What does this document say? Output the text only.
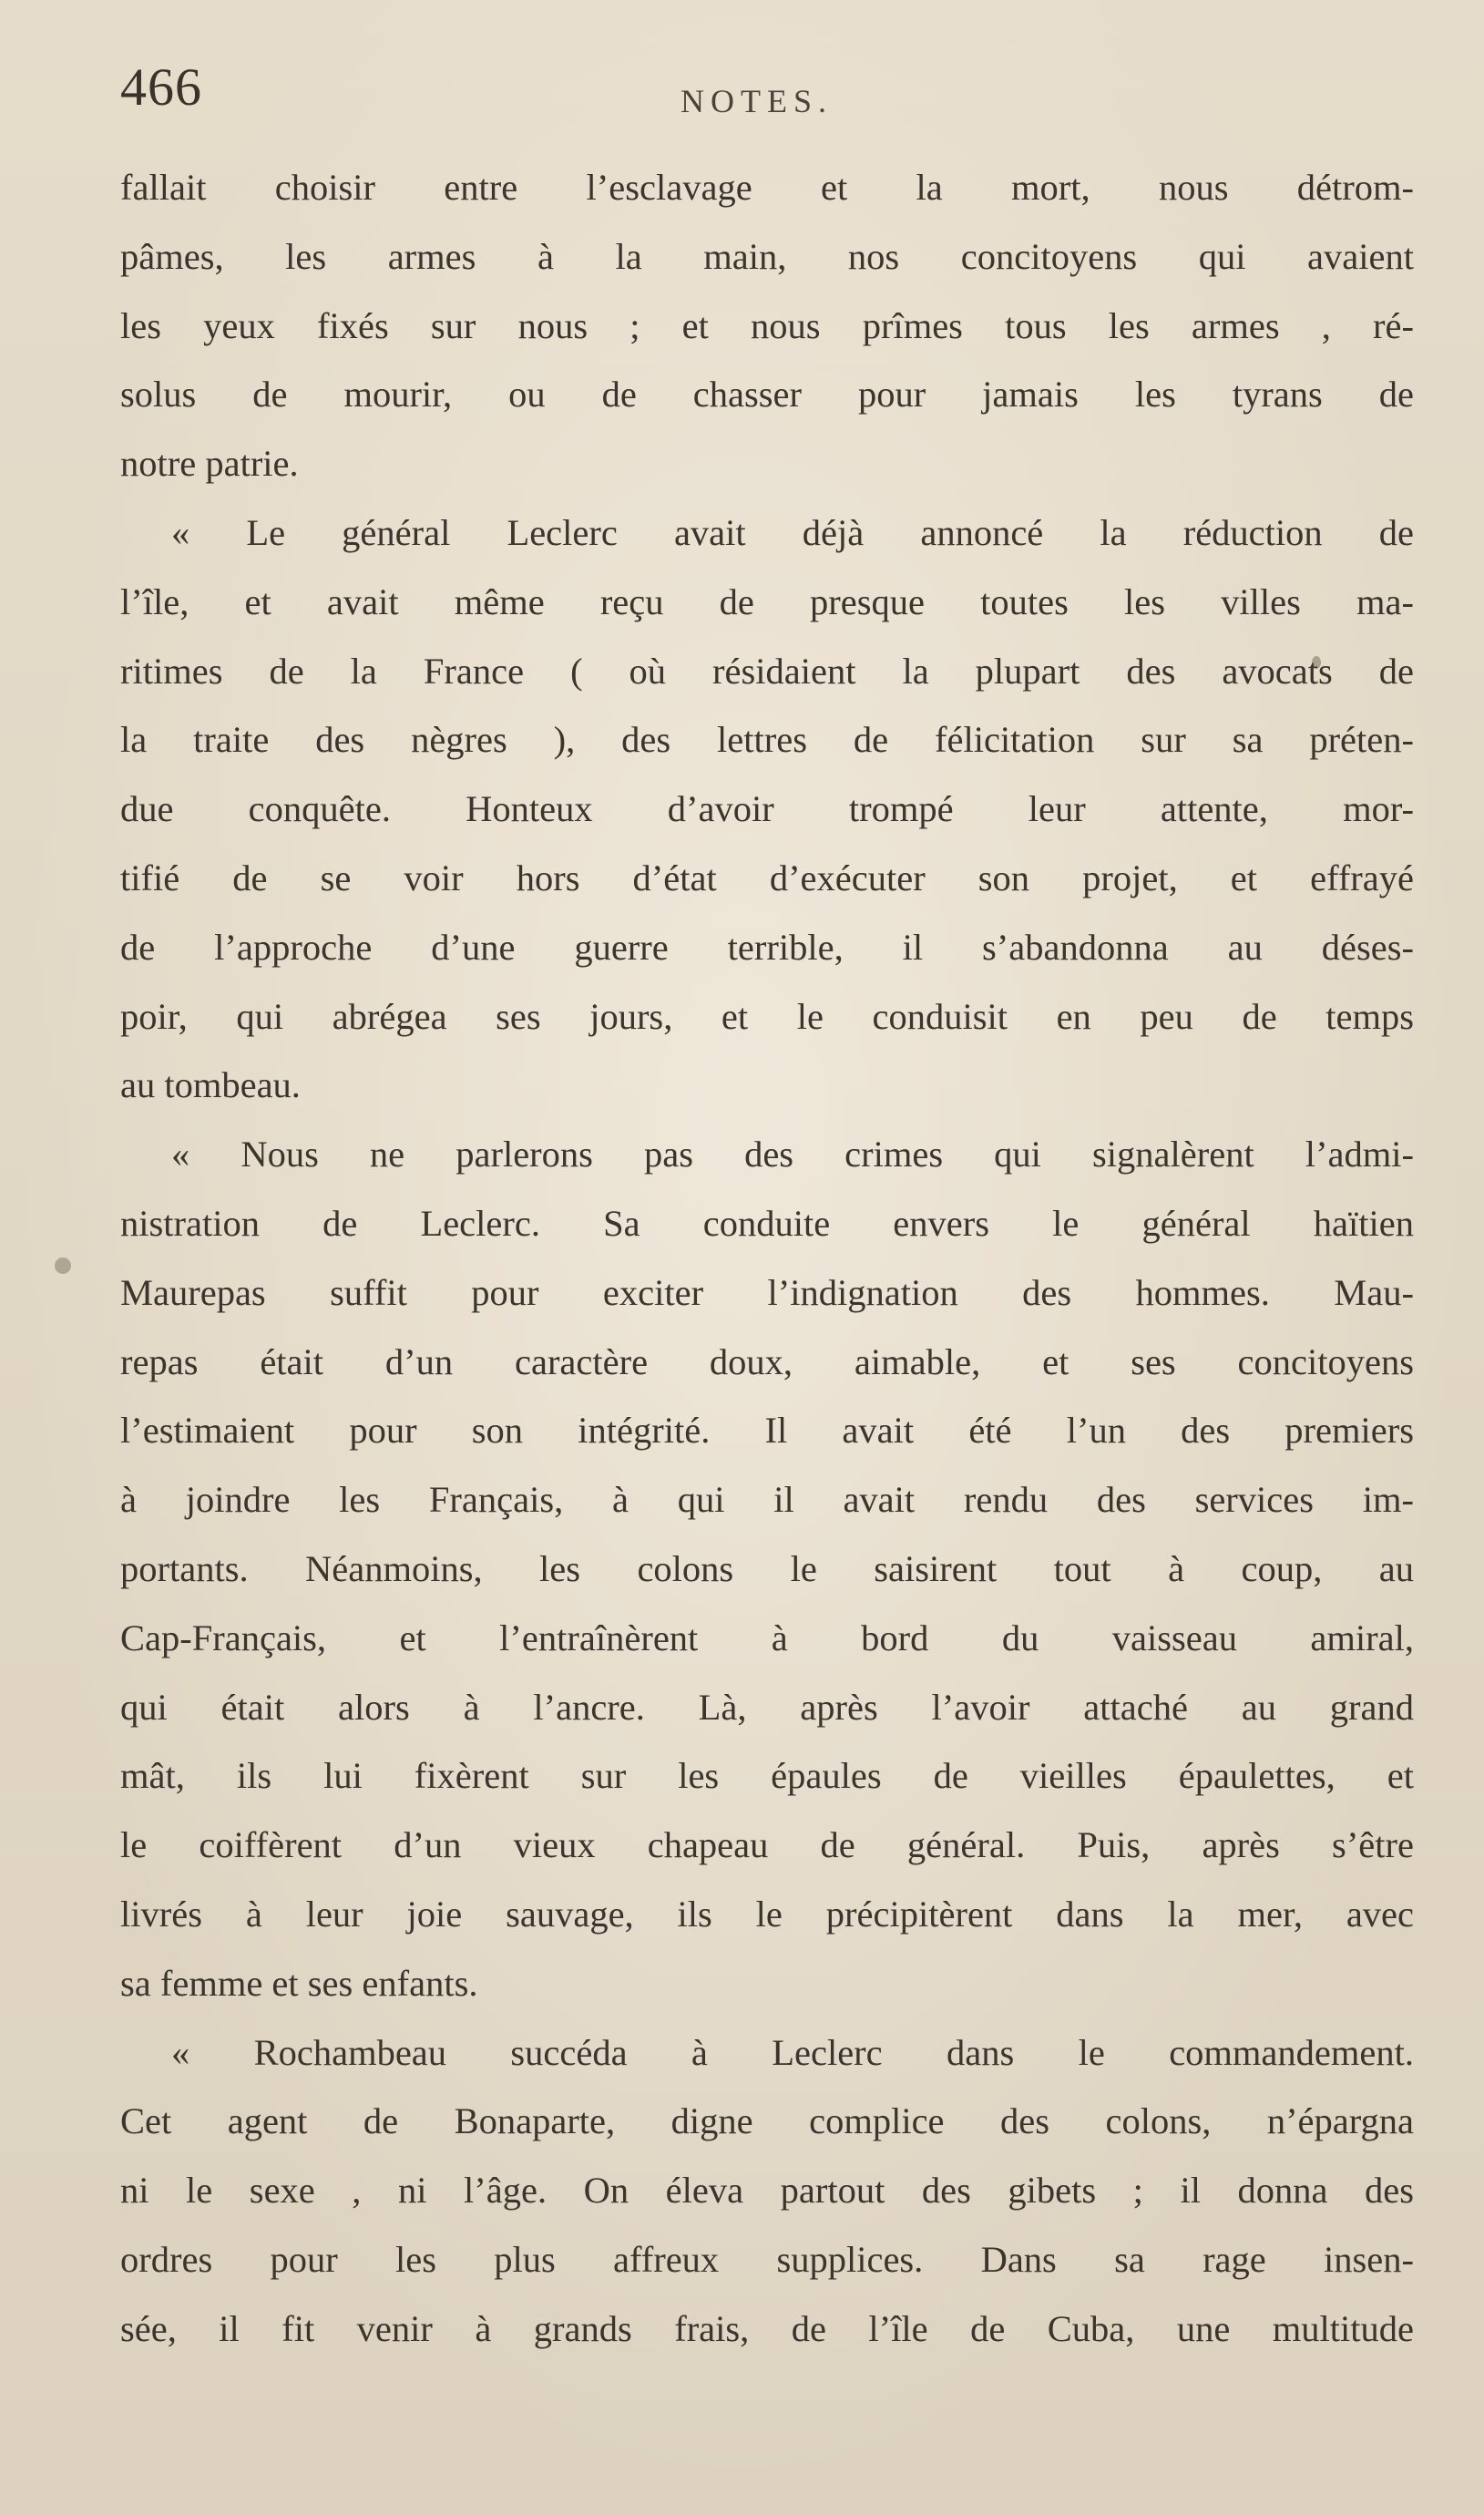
466	NOTES.
fallait choisir entre l’esclavage et la mort, nous détrom-
pâmes, les armes à la main, nos concitoyens qui avaient
les yeux fixés sur nous ; et nous prîmes tous les armes , ré-
solus de mourir, ou de chasser pour jamais les tyrans de
notre patrie.
« Le général Leclerc avait déjà annoncé la réduction de
l’île, et avait même reçu de presque toutes les villes ma-
ritimes de la France ( où résidaient la plupart des avocats de
la traite des nègres ), des lettres de félicitation sur sa préten-
due conquête. Honteux d’avoir trompé leur attente, mor-
tifié de se voir hors d’état d’exécuter son projet, et effrayé
de l’approche d’une guerre terrible, il s’abandonna au déses-
poir, qui abrégea ses jours, et le conduisit en peu de temps
au tombeau.
« Nous ne parlerons pas des crimes qui signalèrent l’admi-
nistration de Leclerc. Sa conduite envers le général haïtien
Maurepas suffit pour exciter l’indignation des hommes. Mau-
repas était d’un caractère doux, aimable, et ses concitoyens
l’estimaient pour son intégrité. Il avait été l’un des premiers
à joindre les Français, à qui il avait rendu des services im-
portants. Néanmoins, les colons le saisirent tout à coup, au
Cap-Français, et l’entraînèrent à bord du vaisseau amiral,
qui était alors à l’ancre. Là, après l’avoir attaché au grand
mât, ils lui fixèrent sur les épaules de vieilles épaulettes, et
le coiffèrent d’un vieux chapeau de général. Puis, après s’être
livrés à leur joie sauvage, ils le précipitèrent dans la mer, avec
sa femme et ses enfants.
« Rochambeau succéda à Leclerc dans le commandement.
Cet agent de Bonaparte, digne complice des colons, n’épargna
ni le sexe , ni l’âge. On éleva partout des gibets ; il donna des
ordres pour les plus affreux supplices. Dans sa rage insen-
sée, il fit venir à grands frais, de l’île de Cuba, une multitude
